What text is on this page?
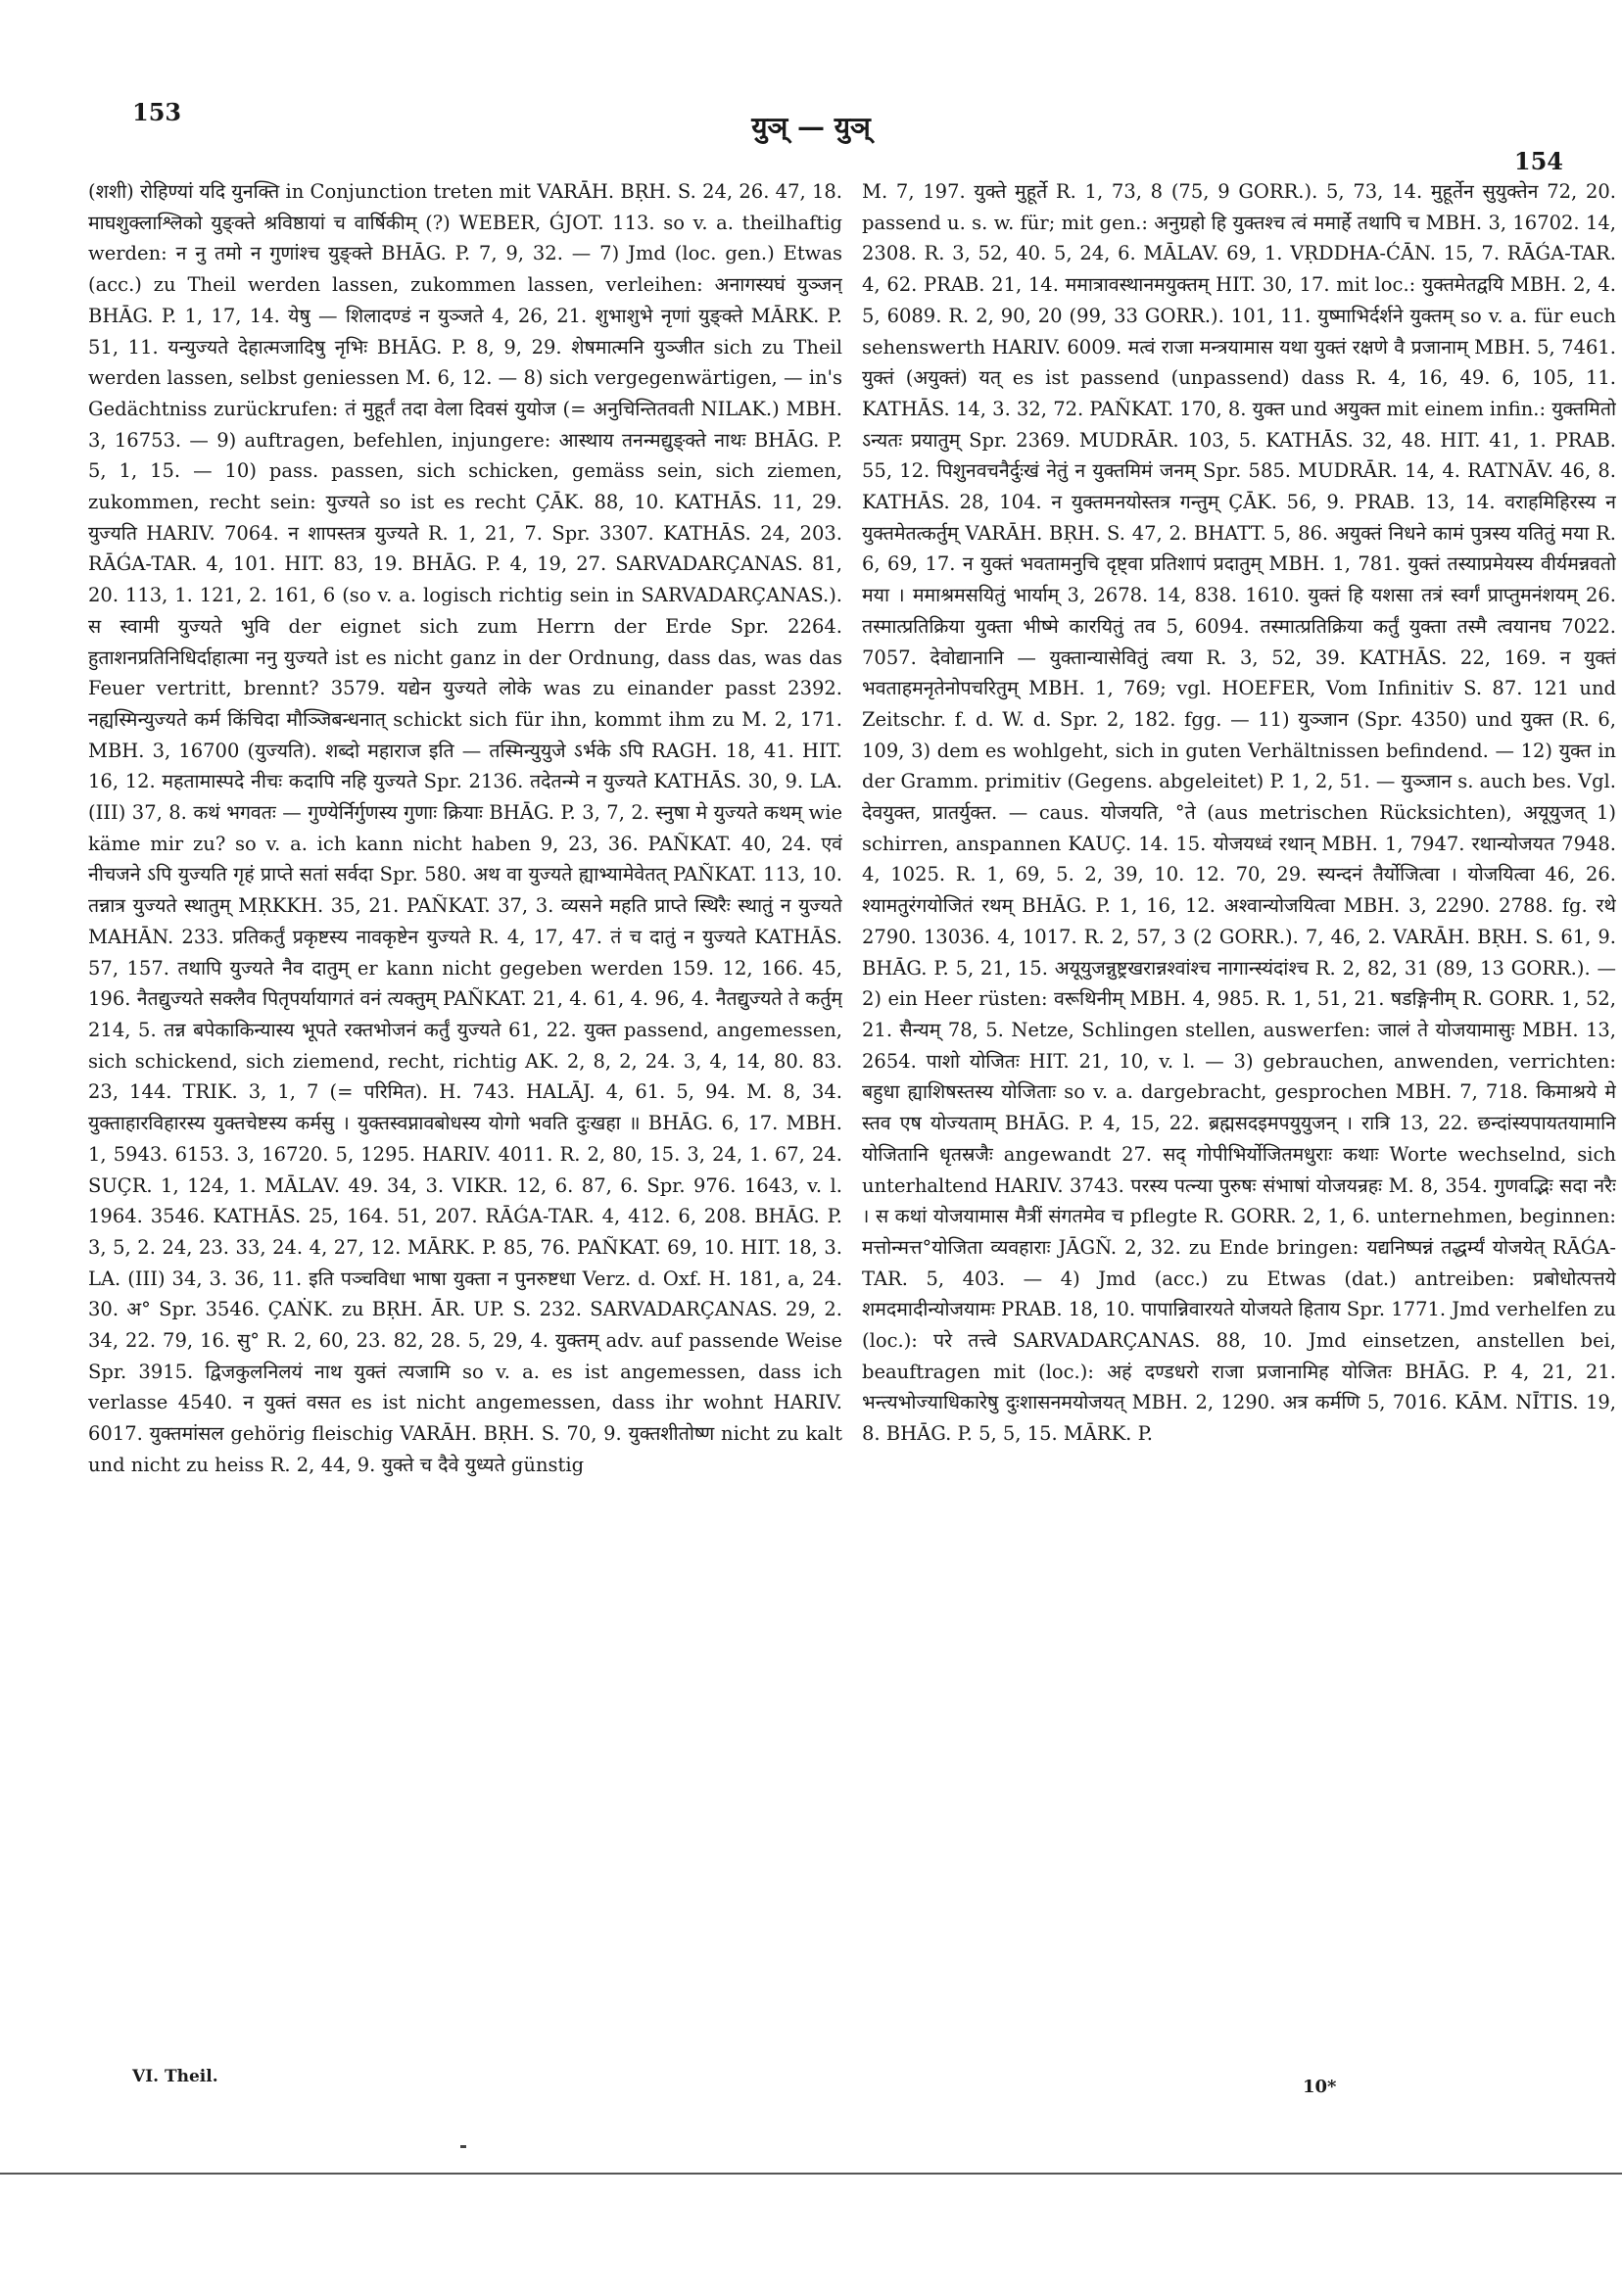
153	युञ् — युञ्
154

(शशी) रोहिण्यां यदि युनक्ति in Conjunction treten mit VARĀH. BṚH. S. 24, 26. 47, 18. माघशुक्लाश्लिको युङ्क्ते श्रविष्ठायां च वार्षिकीम् (?) WEBER, ǴJOT. 113. so v. a. theilhaftig werden: न नु तमो न गुणांश्च युङ्क्ते BHĀG. P. 7, 9, 32. — 7) Jmd (loc. gen.) Etwas (acc.) zu Theil werden lassen, zukommen lassen, verleihen: अनागस्यघं युञ्जन् BHĀG. P. 1, 17, 14. येषु — शिलादण्डं न युञ्जते 4, 26, 21. शुभाशुभे नृणां युङ्क्ते MĀRK. P. 51, 11. यन्युज्यते देहात्मजादिषु नृभिः BHĀG. P. 8, 9, 29. शेषमात्मनि युञ्जीत sich zu Theil werden lassen, selbst geniessen M. 6, 12. — 8) sich vergegenwärtigen, — in's Gedächtniss zurückrufen: तं मुहूर्तं तदा वेला दिवसं युयोज (= अनुचिन्तितवती NILAK.) MBH. 3, 16753. — 9) auftragen, befehlen, injungere: आस्थाय तनन्मद्युङ्क्ते नाथः BHĀG. P. 5, 1, 15. — 10) pass. passen, sich schicken, gemäss sein, sich ziemen, zukommen, recht sein: युज्यते so ist es recht ÇĀK. 88, 10. KATHĀS. 11, 29. युज्यति HARIV. 7064. न शापस्तत्र युज्यते R. 1, 21, 7. Spr. 3307. KATHĀS. 24, 203. RĀǴA-TAR. 4, 101. HIT. 83, 19. BHĀG. P. 4, 19, 27. SARVADARÇANAS. 81, 20. 113, 1. 121, 2. 161, 6 (so v. a. logisch richtig sein in SARVADARÇANAS.). स स्वामी युज्यते भुवि der eignet sich zum Herrn der Erde Spr. 2264. हुताशनप्रतिनिधिर्दाहात्मा ननु युज्यते ist es nicht ganz in der Ordnung, dass das, was das Feuer vertritt, brennt? 3579. यद्येन युज्यते लोके was zu einander passt 2392. नह्यस्मिन्युज्यते कर्म किंचिदा मौञ्जिबन्धनात् schickt sich für ihn, kommt ihm zu M. 2, 171. MBH. 3, 16700 (युज्यति). शब्दो महाराज इति — तस्मिन्युयुजे ऽर्भके ऽपि RAGH. 18, 41. HIT. 16, 12. महतामास्पदे नीचः कदापि नहि युज्यते Spr. 2136. तदेतन्मे न युज्यते KATHĀS. 30, 9. LA. (III) 37, 8. कथं भगवतः — गुण्येर्निर्गुणस्य गुणाः क्रियाः BHĀG. P. 3, 7, 2. स्नुषा मे युज्यते कथम् wie käme mir zu? so v. a. ich kann nicht haben 9, 23, 36. PAÑKAT. 40, 24. एवं नीचजने ऽपि युज्यति गृहं प्राप्ते सतां सर्वदा Spr. 580. अथ वा युज्यते ह्याभ्यामेवेतत् PAÑKAT. 113, 10. तन्नात्र युज्यते स्थातुम् MṚKKH. 35, 21. PAÑKAT. 37, 3. व्यसने महति प्राप्ते स्थिरैः स्थातुं न युज्यते MAHĀN. 233. प्रतिकर्तुं प्रकृष्टस्य नावकृष्टेन युज्यते R. 4, 17, 47. तं च दातुं न युज्यते KATHĀS. 57, 157. तथापि युज्यते नैव दातुम् er kann nicht gegeben werden 159. 12, 166. 45, 196. नैतद्युज्यते सक्लैव पितृपर्यायागतं वनं त्यक्तुम् PAÑKAT. 21, 4. 61, 4. 96, 4. नैतद्युज्यते ते कर्तुम् 214, 5. तन्न बपेकाकिन्यास्य भूपते रक्तभोजनं कर्तुं युज्यते 61, 22. युक्त passend, angemessen, sich schickend, sich ziemend, recht, richtig AK. 2, 8, 2, 24. 3, 4, 14, 80. 83. 23, 144. TRIK. 3, 1, 7 (= परिमित). H. 743. HALĀJ. 4, 61. 5, 94. M. 8, 34. युक्ताहारविहारस्य युक्तचेष्टस्य कर्मसु । युक्तस्वप्नावबोधस्य योगो भवति दुःखहा ॥ BHĀG. 6, 17. MBH. 1, 5943. 6153. 3, 16720. 5, 1295. HARIV. 4011. R. 2, 80, 15. 3, 24, 1. 67, 24. SUÇR. 1, 124, 1. MĀLAV. 49. 34, 3. VIKR. 12, 6. 87, 6. Spr. 976. 1643, v. l. 1964. 3546. KATHĀS. 25, 164. 51, 207. RĀǴA-TAR. 4, 412. 6, 208. BHĀG. P. 3, 5, 2. 24, 23. 33, 24. 4, 27, 12. MĀRK. P. 85, 76. PAÑKAT. 69, 10. HIT. 18, 3. LA. (III) 34, 3. 36, 11. इति पञ्चविधा भाषा युक्ता न पुनरुष्टधा Verz. d. Oxf. H. 181, a, 24. 30. अ° Spr. 3546. ÇAṄK. zu BṚH. ĀR. UP. S. 232. SARVADARÇANAS. 29, 2. 34, 22. 79, 16. सु° R. 2, 60, 23. 82, 28. 5, 29, 4. युक्तम् adv. auf passende Weise Spr. 3915. द्विजकुलनिलयं नाथ युक्तं त्यजामि so v. a. es ist angemessen, dass ich verlasse 4540. न युक्तं वसत es ist nicht angemessen, dass ihr wohnt HARIV. 6017. युक्तमांसल gehörig fleischig VARĀH. BṚH. S. 70, 9. युक्तशीतोष्ण nicht zu kalt und nicht zu heiss R. 2, 44, 9. युक्ते च दैवे युध्यते günstig

M. 7, 197. युक्ते मुहूर्ते R. 1, 73, 8 (75, 9 GORR.). 5, 73, 14. मुहूर्तेन सुयुक्तेन 72, 20. passend u. s. w. für; mit gen.: अनुग्रहो हि युक्तश्च त्वं ममार्हे तथापि च MBH. 3, 16702. 14, 2308. R. 3, 52, 40. 5, 24, 6. MĀLAV. 69, 1. VṚDDHA-ĆĀN. 15, 7. RĀǴA-TAR. 4, 62. PRAB. 21, 14. ममात्रावस्थानमयुक्तम् HIT. 30, 17. mit loc.: युक्तमेतद्वयि MBH. 2, 4. 5, 6089. R. 2, 90, 20 (99, 33 GORR.). 101, 11. युष्माभिर्दर्शने युक्तम् so v. a. für euch sehenswerth HARIV. 6009. मत्वं राजा मन्त्रयामास यथा युक्तं रक्षणे वै प्रजानाम् MBH. 5, 7461. युक्तं (अयुक्तं) यत् es ist passend (unpassend) dass R. 4, 16, 49. 6, 105, 11. KATHĀS. 14, 3. 32, 72. PAÑKAT. 170, 8. युक्त und अयुक्त mit einem infin.: युक्तमितो ऽन्यतः प्रयातुम् Spr. 2369. MUDRĀR. 103, 5. KATHĀS. 32, 48. HIT. 41, 1. PRAB. 55, 12. पिशुनवचनैर्दुःखं नेतुं न युक्तमिमं जनम् Spr. 585. MUDRĀR. 14, 4. RATNĀV. 46, 8. KATHĀS. 28, 104. न युक्तमनयोस्तत्र गन्तुम् ÇĀK. 56, 9. PRAB. 13, 14. वराहमिहिरस्य न युक्तमेतत्कर्तुम् VARĀH. BṚH. S. 47, 2. BHATT. 5, 86. अयुक्तं निधने कामं पुत्रस्य यतितुं मया R. 6, 69, 17. न युक्तं भवतामनुचि दृष्ट्वा प्रतिशापं प्रदातुम् MBH. 1, 781. युक्तं तस्याप्रमेयस्य वीर्यमन्नवतो मया । ममाश्रमसयितुं भार्याम् 3, 2678. 14, 838. 1610. युक्तं हि यशसा तत्रं स्वर्गं प्राप्तुमनंशयम् 26. तस्मात्प्रतिक्रिया युक्ता भीष्मे कारयितुं तव 5, 6094. तस्मात्प्रतिक्रिया कर्तुं युक्ता तस्मै त्वयानघ 7022. 7057. देवोद्यानानि — युक्तान्यासेवितुं त्वया R. 3, 52, 39. KATHĀS. 22, 169. न युक्तं भवताहमनृतेनोपचरितुम् MBH. 1, 769; vgl. HOEFER, Vom Infinitiv S. 87. 121 und Zeitschr. f. d. W. d. Spr. 2, 182. fgg. — 11) युञ्जान (Spr. 4350) und युक्त (R. 6, 109, 3) dem es wohlgeht, sich in guten Verhältnissen befindend. — 12) युक्त in der Gramm. primitiv (Gegens. abgeleitet) P. 1, 2, 51. — युञ्जान s. auch bes. Vgl. देवयुक्त, प्रातर्युक्त. — caus. योजयति, °ते (aus metrischen Rücksichten), अयूयुजत् 1) schirren, anspannen KAUÇ. 14. 15. योजयध्वं रथान् MBH. 1, 7947. रथान्योजयत 7948. 4, 1025. R. 1, 69, 5. 2, 39, 10. 12. 70, 29. स्यन्दनं तैर्योजित्वा । योजयित्वा 46, 26. श्यामतुरंगयोजितं रथम् BHĀG. P. 1, 16, 12. अश्वान्योजयित्वा MBH. 3, 2290. 2788. fg. रथे 2790. 13036. 4, 1017. R. 2, 57, 3 (2 GORR.). 7, 46, 2. VARĀH. BṚH. S. 61, 9. BHĀG. P. 5, 21, 15. अयूयुजन्नुष्ट्रखरान्नश्वांश्च नागान्स्यंदांश्च R. 2, 82, 31 (89, 13 GORR.). — 2) ein Heer rüsten: वरूथिनीम् MBH. 4, 985. R. 1, 51, 21. षडङ्गिनीम् R. GORR. 1, 52, 21. सैन्यम् 78, 5. Netze, Schlingen stellen, auswerfen: जालं ते योजयामासुः MBH. 13, 2654. पाशो योजितः HIT. 21, 10, v. l. — 3) gebrauchen, anwenden, verrichten: बहुधा ह्याशिषस्तस्य योजिताः so v. a. dargebracht, gesprochen MBH. 7, 718. किमाश्रये मे स्तव एष योज्यताम् BHĀG. P. 4, 15, 22. ब्रह्मसदइमपयुयुजन् । रात्रि 13, 22. छन्दांस्यपायतयामानि योजितानि धृतस्रजैः angewandt 27. सद् गोपीभिर्योजितमधुराः कथाः Worte wechselnd, sich unterhaltend HARIV. 3743. परस्य पत्न्या पुरुषः संभाषां योजयन्रहः M. 8, 354. गुणवद्भिः सदा नरैः । स कथां योजयामास मैत्रीं संगतमेव च pflegte R. GORR. 2, 1, 6. unternehmen, beginnen: मत्तोन्मत्त°योजिता व्यवहाराः JĀGÑ. 2, 32. zu Ende bringen: यद्यनिष्पन्नं तद्धर्म्यं योजयेत् RĀǴA-TAR. 5, 403. — 4) Jmd (acc.) zu Etwas (dat.) antreiben: प्रबोधोत्पत्तये शमदमादीन्योजयामः PRAB. 18, 10. पापान्निवारयते योजयते हिताय Spr. 1771. Jmd verhelfen zu (loc.): परे तत्त्वे SARVADARÇANAS. 88, 10. Jmd einsetzen, anstellen bei, beauftragen mit (loc.): अहं दण्डधरो राजा प्रजानामिह योजितः BHĀG. P. 4, 21, 21. भन्त्यभोज्याधिकारेषु दुःशासनमयोजयत् MBH. 2, 1290. अत्र कर्मणि 5, 7016. KĀM. NĪTIS. 19, 8. BHĀG. P. 5, 5, 15. MĀRK. P.

VI. Theil.	10*
